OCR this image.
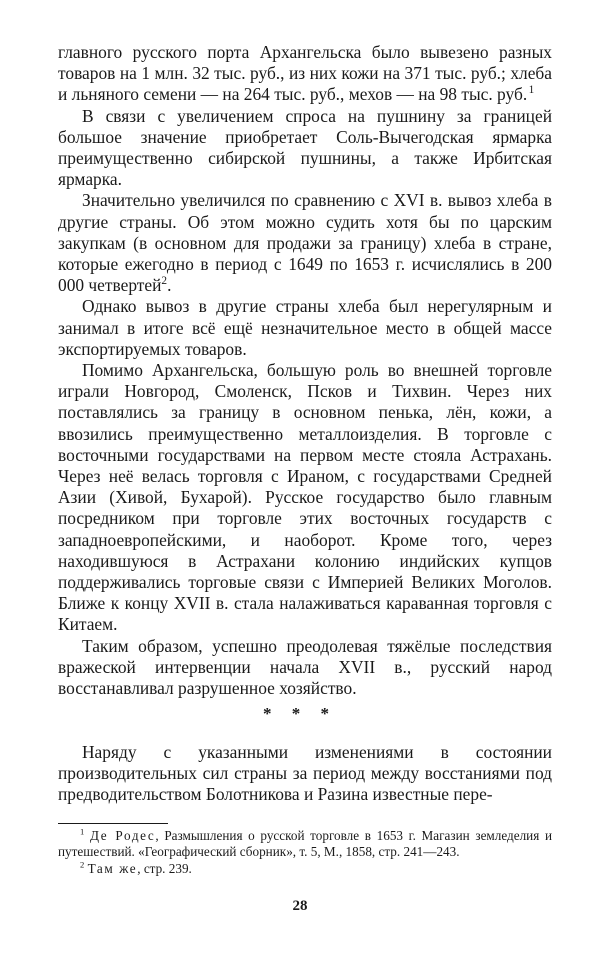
главного русского порта Архангельска было вывезено разных товаров на 1 млн. 32 тыс. руб., из них кожи на 371 тыс. руб.; хлеба и льняного семени — на 264 тыс. руб., мехов — на 98 тыс. руб. $^1$

В связи с увеличением спроса на пушнину за границей большое значение приобретает Соль-Вычегодская ярмарка преимущественно сибирской пушнины, а также Ирбитская ярмарка.

Значительно увеличился по сравнению с XVI в. вывоз хлеба в другие страны. Об этом можно судить хотя бы по царским закупкам (в основном для продажи за границу) хлеба в стране, которые ежегодно в период с 1649 по 1653 г. исчислялись в 200 000 четвертей$^2$.

Однако вывоз в другие страны хлеба был нерегулярным и занимал в итоге всё ещё незначительное место в общей массе экспортируемых товаров.

Помимо Архангельска, большую роль во внешней торговле играли Новгород, Смоленск, Псков и Тихвин. Через них поставлялись за границу в основном пенька, лён, кожи, а ввозились преимущественно металлоизделия. В торговле с восточными государствами на первом месте стояла Астрахань. Через неё велась торговля с Ираном, с государствами Средней Азии (Хивой, Бухарой). Русское государство было главным посредником при торговле этих восточных государств с западноевропейскими, и наоборот. Кроме того, через находившуюся в Астрахани колонию индийских купцов поддерживались торговые связи с Империей Великих Моголов. Ближе к концу XVII в. стала налаживаться караванная торговля с Китаем.

Таким образом, успешно преодолевая тяжёлые последствия вражеской интервенции начала XVII в., русский народ восстанавливал разрушенное хозяйство.

* * *

Наряду с указанными изменениями в состоянии производительных сил страны за период между восстаниями под предводительством Болотникова и Разина известные пере-

$^1$ Де Родес, Размышления о русской торговле в 1653 г. Магазин земледелия и путешествий. «Географический сборник», т. 5, М., 1858, стр. 241—243.

$^2$ Там же, стр. 239.

28
